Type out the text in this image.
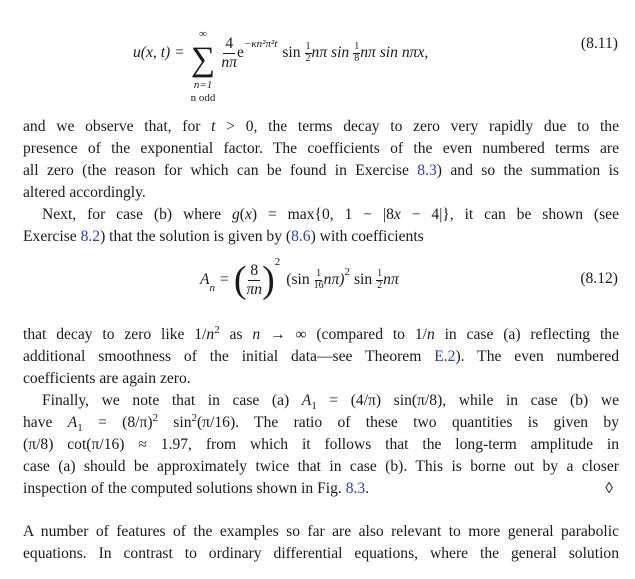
u(x, t) =
∞
∑
n=1
n odd
$\frac{4}{n\pi}$ e −κn²π²t $\sin \frac{1}{2}$ nπ $\sin \frac{1}{8}$ nπ sin nπx,
(8.11)
A n = ( $\frac{8}{\pi n}$ ) 2
$(\sin \frac{1}{16} n\pi)$ 2 $\sin \frac{1}{2}$ nπ	(8.12)
and we observe that, for t > 0, the terms decay to zero very rapidly due to the
presence of the exponential factor. The coefficients of the even numbered terms are
all zero (the reason for which can be found in Exercise 8.3) and so the summation is
altered accordingly.
Next, for case (b) where g(x) = max{0, 1 − |8x − 4|}, it can be shown (see
Exercise 8.2) that the solution is given by (8.6) with coefficients
that decay to zero like $1/n^2$ as n → ∞ (compared to 1/n in case (a) reflecting the
additional smoothness of the initial data—see Theorem E.2). The even numbered
coefficients are again zero.
Finally, we note that in case (a) $A_1 = (4/\pi)$ sin(π/8), while in case (b) we
have $A_1 = (8/\pi)^2$ $\sin^2(\pi/16)$. The ratio of these two quantities is given by
(π/8) cot(π/16) ≈ 1.97, from which it follows that the long-term amplitude in
case (a) should be approximately twice that in case (b). This is borne out by a closer
inspection of the computed solutions shown in Fig. 8.3.
A number of features of the examples so far are also relevant to more general parabolic
equations. In contrast to ordinary differential equations, where the general solution
◊
